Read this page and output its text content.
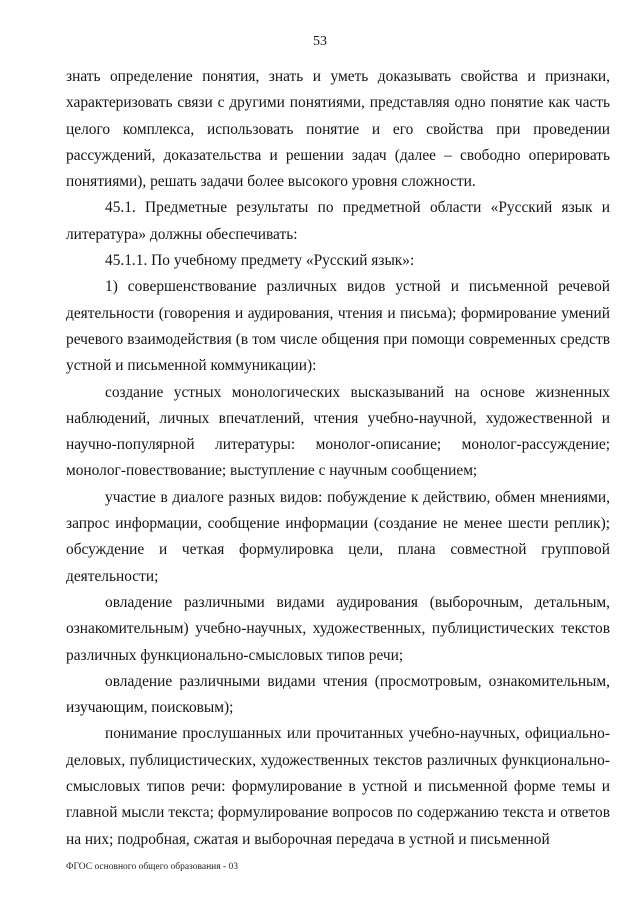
53

знать определение понятия, знать и уметь доказывать свойства и признаки, характеризовать связи с другими понятиями, представляя одно понятие как часть целого комплекса, использовать понятие и его свойства при проведении рассуждений, доказательства и решении задач (далее – свободно оперировать понятиями), решать задачи более высокого уровня сложности.

45.1. Предметные результаты по предметной области «Русский язык и литература» должны обеспечивать:

45.1.1. По учебному предмету «Русский язык»:

1) совершенствование различных видов устной и письменной речевой деятельности (говорения и аудирования, чтения и письма); формирование умений речевого взаимодействия (в том числе общения при помощи современных средств устной и письменной коммуникации):

создание устных монологических высказываний на основе жизненных наблюдений, личных впечатлений, чтения учебно-научной, художественной и научно-популярной литературы: монолог-описание; монолог-рассуждение; монолог-повествование; выступление с научным сообщением;

участие в диалоге разных видов: побуждение к действию, обмен мнениями, запрос информации, сообщение информации (создание не менее шести реплик); обсуждение и четкая формулировка цели, плана совместной групповой деятельности;

овладение различными видами аудирования (выборочным, детальным, ознакомительным) учебно-научных, художественных, публицистических текстов различных функционально-смысловых типов речи;

овладение различными видами чтения (просмотровым, ознакомительным, изучающим, поисковым);

понимание прослушанных или прочитанных учебно-научных, официально-деловых, публицистических, художественных текстов различных функционально-смысловых типов речи: формулирование в устной и письменной форме темы и главной мысли текста; формулирование вопросов по содержанию текста и ответов на них; подробная, сжатая и выборочная передача в устной и письменной

ФГОС основного общего образования - 03
